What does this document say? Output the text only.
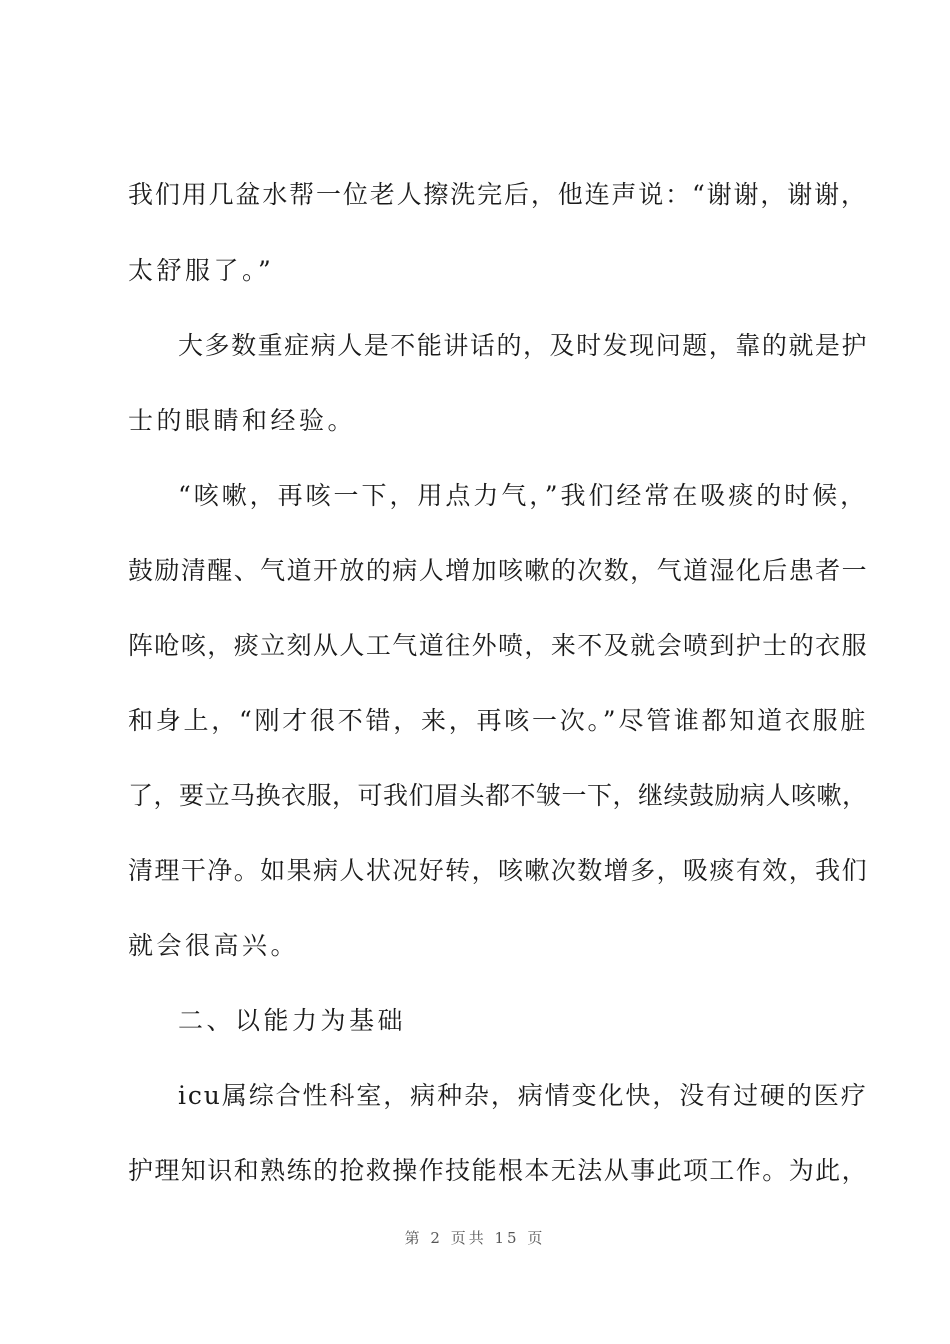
我们用几盆水帮一位老人擦洗完后，他连声说：“谢谢，谢谢，
太舒服了。”
大多数重症病人是不能讲话的，及时发现问题，靠的就是护
士的眼睛和经验。
“咳嗽，再咳一下，用点力气，”我们经常在吸痰的时候，
鼓励清醒、气道开放的病人增加咳嗽的次数，气道湿化后患者一
阵呛咳，痰立刻从人工气道往外喷，来不及就会喷到护士的衣服
和身上，“刚才很不错，来，再咳一次。”尽管谁都知道衣服脏
了，要立马换衣服，可我们眉头都不皱一下，继续鼓励病人咳嗽，
清理干净。如果病人状况好转，咳嗽次数增多，吸痰有效，我们
就会很高兴。
二、以能力为基础
icu属综合性科室，病种杂，病情变化快，没有过硬的医疗
护理知识和熟练的抢救操作技能根本无法从事此项工作。为此，
第 2 页共 15 页
